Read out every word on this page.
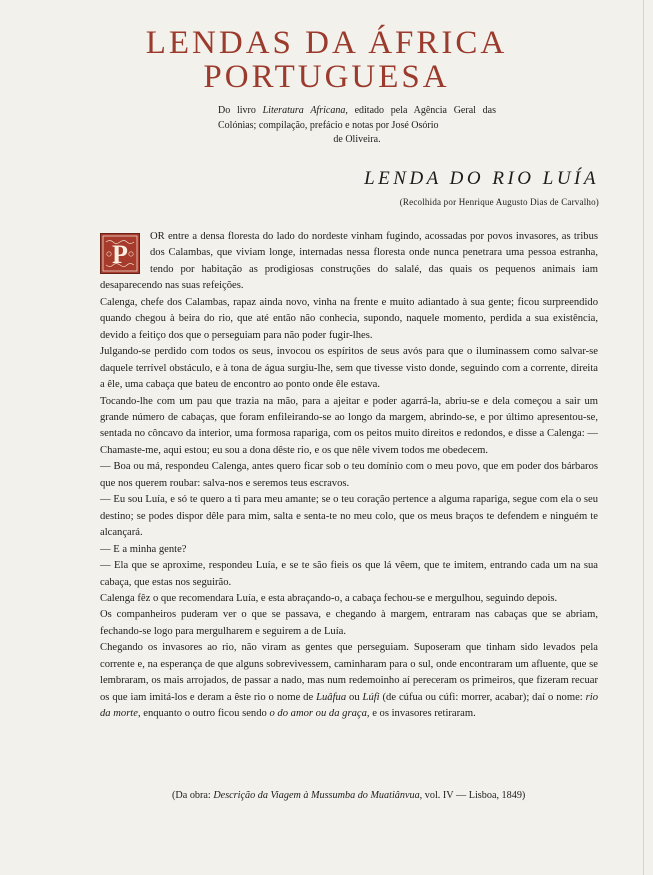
LENDAS DA ÁFRICA
PORTUGUESA
Do livro Literatura Africana, editado pela Agência Geral das Colónias; compilação, prefácio e notas por José Osório
de Oliveira.
LENDA DO RIO LUÍA
(Recolhida por Henrique Augusto Dias de Carvalho)
P

OR entre a densa floresta do lado do nordeste vinham fugindo, acossadas por povos invasores, as tribus dos Calambas, que viviam longe, internadas nessa floresta onde nunca penetrara uma pessoa estranha, tendo por habitação as prodigiosas construções do salalé, das quais os pequenos animais iam desaparecendo nas suas refeições.

Calenga, chefe dos Calambas, rapaz ainda novo, vinha na frente e muito adiantado à sua gente; ficou surpreendido quando chegou à beira do rio, que até então não conhecia, supondo, naquele momento, perdida a sua existência, devido a feitiço dos que o perseguiam para não poder fugir-lhes.

Julgando-se perdido com todos os seus, invocou os espíritos de seus avós para que o iluminassem como salvar-se daquele terrível obstáculo, e à tona de água surgiu-lhe, sem que tivesse visto donde, seguindo com a corrente, direita a êle, uma cabaça que bateu de encontro ao ponto onde êle estava.

Tocando-lhe com um pau que trazia na mão, para a ajeitar e poder agarrá-la, abriu-se e dela começou a sair um grande número de cabaças, que foram enfileirando-se ao longo da margem, abrindo-se, e por último apresentou-se, sentada no côncavo da interior, uma formosa rapariga, com os peitos muito direitos e redondos, e disse a Calenga: — Chamaste-me, aqui estou; eu sou a dona dêste rio, e os que nêle vivem todos me obedecem.

— Boa ou má, respondeu Calenga, antes quero ficar sob o teu domínio com o meu povo, que em poder dos bárbaros que nos querem roubar: salva-nos e seremos teus escravos.

— Eu sou Luía, e só te quero a ti para meu amante; se o teu coração pertence a alguma rapariga, segue com ela o seu destino; se podes dispor dêle para mim, salta e senta-te no meu colo, que os meus braços te defendem e ninguém te alcançará.

— E a minha gente?

— Ela que se aproxime, respondeu Luía, e se te são fieis os que lá vêem, que te imitem, entrando cada um na sua cabaça, que estas nos seguirão.

Calenga fêz o que recomendara Luía, e esta abraçando-o, a cabaça fechou-se e mergulhou, seguindo depois.

Os companheiros puderam ver o que se passava, e chegando à margem, entraram nas cabaças que se abriam, fechando-se logo para mergulharem e seguirem a de Luía.

Chegando os invasores ao rio, não viram as gentes que perseguiam. Suposeram que tinham sido levados pela corrente e, na esperança de que alguns sobrevivessem, caminharam para o sul, onde encontraram um afluente, que se lembraram, os mais arrojados, de passar a nado, mas num redemoinho aí pereceram os primeiros, que fizeram recuar os que iam imitá-los e deram a êste rio o nome de Luâfua ou Lúfi (de cúfua ou cúfi: morrer, acabar); daí o nome: rio da morte, enquanto o outro ficou sendo o do amor ou da graça, e os invasores retiraram.

(Da obra: Descrição da Viagem à Mussumba do Muatiânvua, vol. IV — Lisboa, 1849)
